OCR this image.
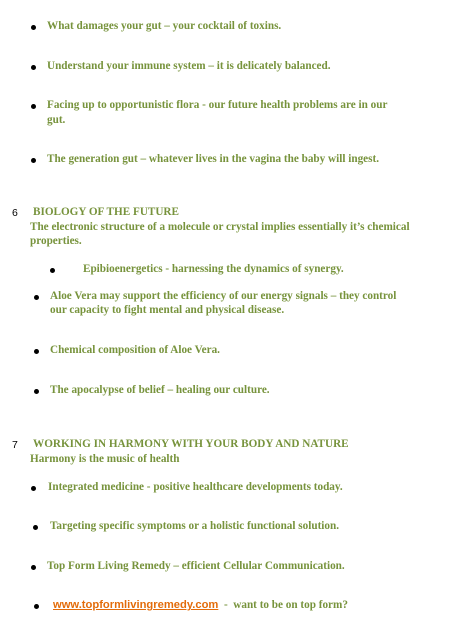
What damages your gut – your cocktail of toxins.
Understand your immune system – it is delicately balanced.
Facing up to opportunistic flora - our future health problems are in our
gut.
The generation gut – whatever lives in the vagina the baby will ingest.
6 BIOLOGY OF THE FUTURE
The electronic structure of a molecule or crystal implies essentially it’s chemical
properties.
Epibioenergetics - harnessing the dynamics of synergy.
Aloe Vera may support the efficiency of our energy signals – they control
our capacity to fight mental and physical disease.
Chemical composition of Aloe Vera.
The apocalypse of belief – healing our culture.
7 WORKING IN HARMONY WITH YOUR BODY AND NATURE
Harmony is the music of health
Integrated medicine - positive healthcare developments today.
Targeting specific symptoms or a holistic functional solution.
Top Form Living Remedy – efficient Cellular Communication.
www.topformlivingremedy.com  -  want to be on top form?
